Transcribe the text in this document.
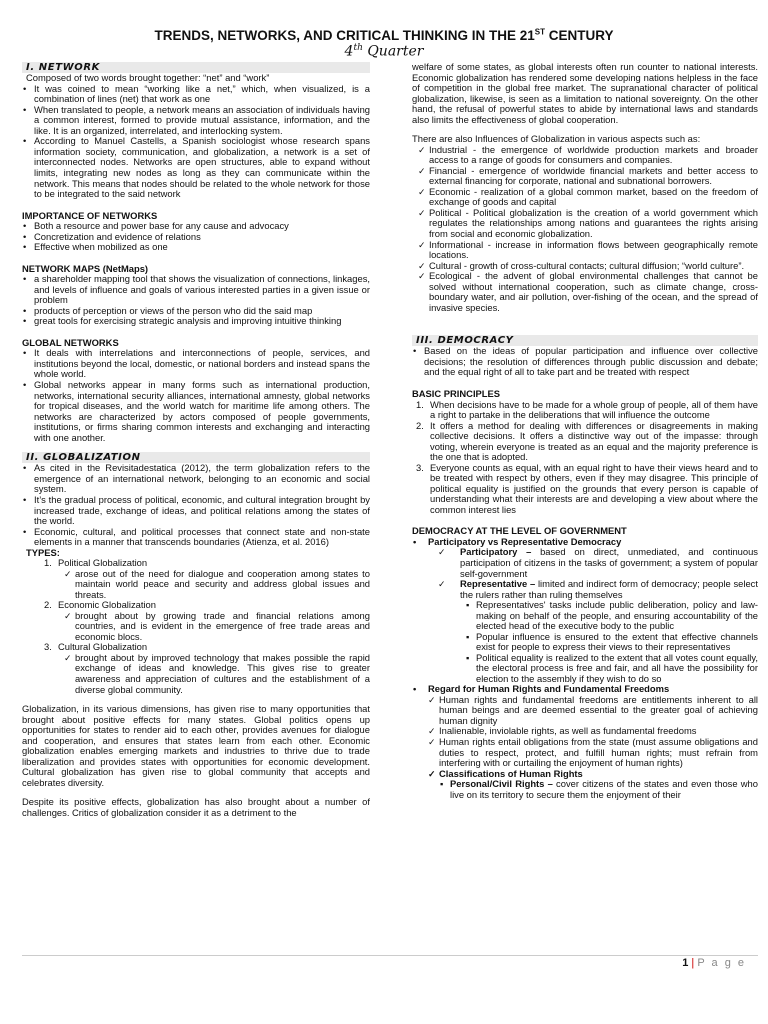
TRENDS, NETWORKS, AND CRITICAL THINKING IN THE 21ST CENTURY
4th Quarter
I. NETWORK

Composed of two words brought together: “net” and “work”

• It was coined to mean “working like a net,” which, when visualized, is a combination of lines (net) that work as one
• When translated to people, a network means an association of individuals having a common interest, formed to provide mutual assistance, information, and the like. It is an organized, interrelated, and interlocking system.
• According to Manuel Castells, a Spanish sociologist whose research spans information society, communication, and globalization, a network is a set of interconnected nodes. Networks are open structures, able to expand without limits, integrating new nodes as long as they can communicate within the network. This means that nodes should be related to the whole network for those to be integrated to the said network
IMPORTANCE OF NETWORKS
• Both a resource and power base for any cause and advocacy
• Concretization and evidence of relations
• Effective when mobilized as one
NETWORK MAPS (NetMaps)
• a shareholder mapping tool that shows the visualization of connections, linkages, and levels of influence and goals of various interested parties in a given issue or problem
• products of perception or views of the person who did the said map
• great tools for exercising strategic analysis and improving intuitive thinking
GLOBAL NETWORKS
• It deals with interrelations and interconnections of people, services, and institutions beyond the local, domestic, or national borders and instead spans the whole world.
• Global networks appear in many forms such as international production, networks, international security alliances, international amnesty, global networks for tropical diseases, and the world watch for maritime life among others. The networks are characterized by actors composed of people governments, institutions, or firms sharing common interests and exchanging and interacting with one another.
II. GLOBALIZATION
• As cited in the Revisitadestatica (2012), the term globalization refers to the emergence of an international network, belonging to an economic and social system.
• It’s the gradual process of political, economic, and cultural integration brought by increased trade, exchange of ideas, and political relations among the states of the world.
• Economic, cultural, and political processes that connect state and non-state elements in a manner that transcends boundaries (Atienza, et al. 2016)
TYPES:
1. Political Globalization
✓ arose out of the need for dialogue and cooperation among states to maintain world peace and security and address global issues and threats.
2. Economic Globalization
✓ brought about by growing trade and financial relations among countries, and is evident in the emergence of free trade areas and economic blocs.
3. Cultural Globalization
✓ brought about by improved technology that makes possible the rapid exchange of ideas and knowledge. This gives rise to greater awareness and appreciation of cultures and the establishment of a diverse global community.

Globalization, in its various dimensions, has given rise to many opportunities that brought about positive effects for many states. Global politics opens up opportunities for states to render aid to each other, provides avenues for dialogue and cooperation, and ensures that states learn from each other. Economic globalization enables emerging markets and industries to thrive due to trade liberalization and provides states with opportunities for economic development. Cultural globalization has given rise to global community that accepts and celebrates diversity.

Despite its positive effects, globalization has also brought about a number of challenges. Critics of globalization consider it as a detriment to the

welfare of some states, as global interests often run counter to national interests. Economic globalization has rendered some developing nations helpless in the face of competition in the global free market. The supranational character of political globalization, likewise, is seen as a limitation to national sovereignty. On the other hand, the refusal of powerful states to abide by international laws and standards also limits the effectiveness of global cooperation.

There are also Influences of Globalization in various aspects such as:

✓ Industrial - the emergence of worldwide production markets and broader access to a range of goods for consumers and companies.
✓ Financial - emergence of worldwide financial markets and better access to external financing for corporate, national and subnational borrowers.
✓ Economic - realization of a global common market, based on the freedom of exchange of goods and capital
✓ Political - Political globalization is the creation of a world government which regulates the relationships among nations and guarantees the rights arising from social and economic globalization.
✓ Informational - increase in information flows between geographically remote locations.
✓ Cultural - growth of cross-cultural contacts; cultural diffusion; “world culture”.
✓ Ecological - the advent of global environmental challenges that cannot be solved without international cooperation, such as climate change, cross-boundary water, and air pollution, over-fishing of the ocean, and the spread of invasive species.
III. DEMOCRACY
• Based on the ideas of popular participation and influence over collective decisions; the resolution of differences through public discussion and debate; and the equal right of all to take part and be treated with respect
BASIC PRINCIPLES
1. When decisions have to be made for a whole group of people, all of them have a right to partake in the deliberations that will influence the outcome
2. It offers a method for dealing with differences or disagreements in making collective decisions. It offers a distinctive way out of the impasse: through voting, wherein everyone is treated as an equal and the majority preference is the one that is adopted.
3. Everyone counts as equal, with an equal right to have their views heard and to be treated with respect by others, even if they may disagree. This principle of political equality is justified on the grounds that every person is capable of understanding what their interests are and developing a view about where the common interest lies
DEMOCRACY AT THE LEVEL OF GOVERNMENT
• Participatory vs Representative Democracy
✓ Participatory – based on direct, unmediated, and continuous participation of citizens in the tasks of government; a system of popular self-government
✓ Representative – limited and indirect form of democracy; people select the rulers rather than ruling themselves
▪ Representatives' tasks include public deliberation, policy and law-making on behalf of the people, and ensuring accountability of the elected head of the executive body to the public
▪ Popular influence is ensured to the extent that effective channels exist for people to express their views to their representatives
▪ Political equality is realized to the extent that all votes count equally, the electoral process is free and fair, and all have the possibility for election to the assembly if they wish to do so
• Regard for Human Rights and Fundamental Freedoms
✓ Human rights and fundamental freedoms are entitlements inherent to all human beings and are deemed essential to the greater goal of achieving human dignity
✓ Inalienable, inviolable rights, as well as fundamental freedoms
✓ Human rights entail obligations from the state (must assume obligations and duties to respect, protect, and fulfill human rights; must refrain from interfering with or curtailing the enjoyment of human rights)
✓ Classifications of Human Rights
▪ Personal/Civil Rights – cover citizens of the states and even those who live on its territory to secure them the enjoyment of their
1 | P a g e
